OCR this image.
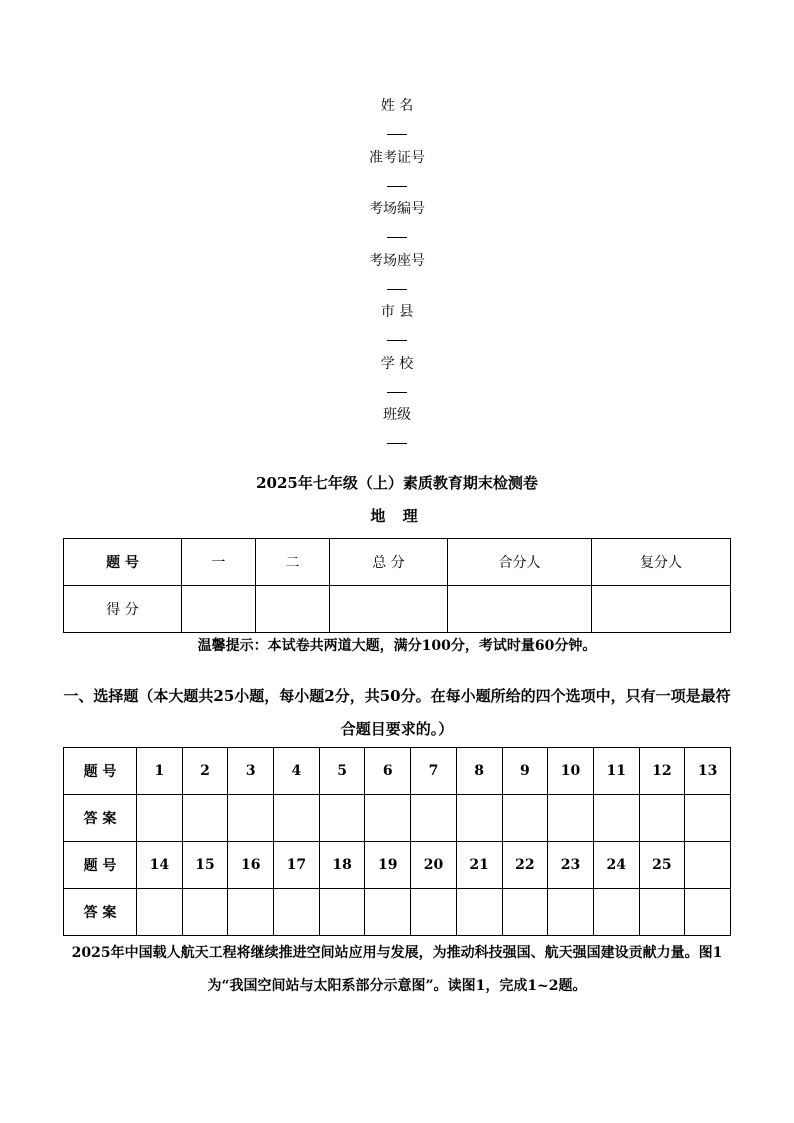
姓 名
准考证号
考场编号
考场座号
市 县
学 校
班级
2025年七年级（上）素质教育期末检测卷
地 理
题 号	一	二	总 分	合分人	复分人
得 分					
温馨提示：本试卷共两道大题，满分100分，考试时量60分钟。
一、选择题（本大题共25小题，每小题2分，共50分。在每小题所给的四个选项中，只有一项是最符合题目要求的。）
题 号	1	2	3	4	5	6	7	8	9	10	11	12	13
答 案													
题 号	14	15	16	17	18	19	20	21	22	23	24	25	
答 案													
2025年中国载人航天工程将继续推进空间站应用与发展，为推动科技强国、航天强国建设贡献力量。图1为“我国空间站与太阳系部分示意图”。读图1，完成1~2题。
